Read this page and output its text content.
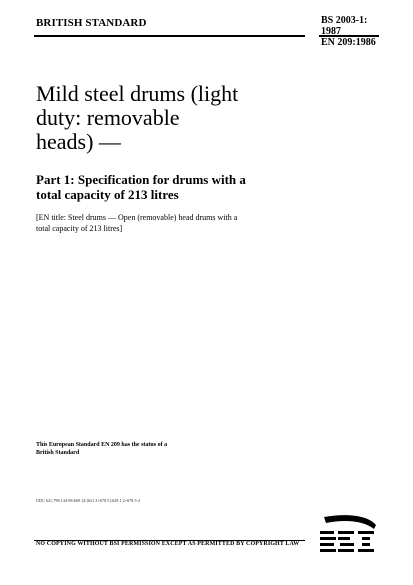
BRITISH STANDARD	BS 2003-1:
1987
EN 209:1986
Mild steel drums (light
duty: removable
heads) —
Part 1: Specification for drums with a
total capacity of 213 litres
[EN title: Steel drums — Open (removable) head drums with a
total capacity of 213 litres]
This European Standard EN 209 has the status of a
British Standard
UDC 621.798.144-98:669.14:[621.3+678.5]:629.1.2+678.5-2
NO COPYING WITHOUT BSI PERMISSION EXCEPT AS PERMITTED BY COPYRIGHT LAW
